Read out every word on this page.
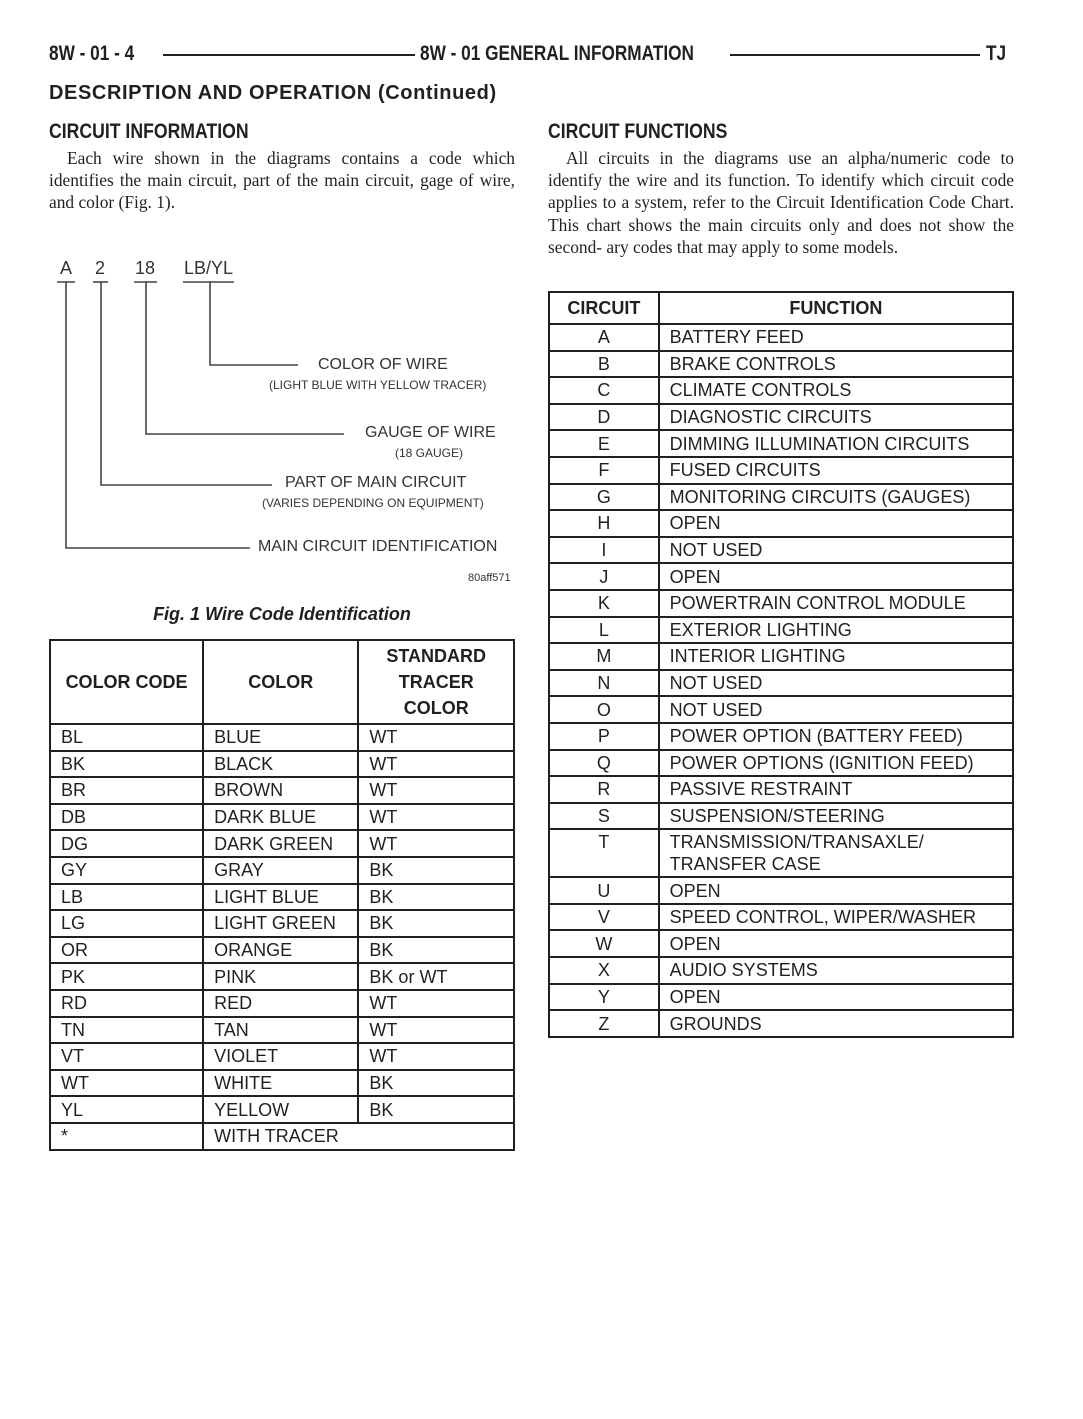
8W - 01 - 4	8W - 01 GENERAL INFORMATION	TJ
DESCRIPTION AND OPERATION (Continued)
CIRCUIT INFORMATION
Each wire shown in the diagrams contains a code which identifies the main circuit, part of the main circuit, gage of wire, and color (Fig. 1).
A 2 18 LB/YL
COLOR OF WIRE
(LIGHT BLUE WITH YELLOW TRACER)
GAUGE OF WIRE
(18 GAUGE)
PART OF MAIN CIRCUIT
(VARIES DEPENDING ON EQUIPMENT)
MAIN CIRCUIT IDENTIFICATION
80aff571
Fig. 1 Wire Code Identification
COLOR CODE	COLOR	STANDARD
TRACER
COLOR
BL	BLUE	WT
BK	BLACK	WT
BR	BROWN	WT
DB	DARK BLUE	WT
DG	DARK GREEN	WT
GY	GRAY	BK
LB	LIGHT BLUE	BK
LG	LIGHT GREEN	BK
OR	ORANGE	BK
PK	PINK	BK or WT
RD	RED	WT
TN	TAN	WT
VT	VIOLET	WT
WT	WHITE	BK
YL	YELLOW	BK
*	WITH TRACER	
CIRCUIT FUNCTIONS
All circuits in the diagrams use an alpha/numeric code to identify the wire and its function. To identify which circuit code applies to a system, refer to the Circuit Identification Code Chart. This chart shows the main circuits only and does not show the second- ary codes that may apply to some models.
CIRCUIT	FUNCTION
A	BATTERY FEED
B	BRAKE CONTROLS
C	CLIMATE CONTROLS
D	DIAGNOSTIC CIRCUITS
E	DIMMING ILLUMINATION CIRCUITS
F	FUSED CIRCUITS
G	MONITORING CIRCUITS (GAUGES)
H	OPEN
I	NOT USED
J	OPEN
K	POWERTRAIN CONTROL MODULE
L	EXTERIOR LIGHTING
M	INTERIOR LIGHTING
N	NOT USED
O	NOT USED
P	POWER OPTION (BATTERY FEED)
Q	POWER OPTIONS (IGNITION FEED)
R	PASSIVE RESTRAINT
S	SUSPENSION/STEERING
T	TRANSMISSION/TRANSAXLE/ TRANSFER CASE
U	OPEN
V	SPEED CONTROL, WIPER/WASHER
W	OPEN
X	AUDIO SYSTEMS
Y	OPEN
Z	GROUNDS
